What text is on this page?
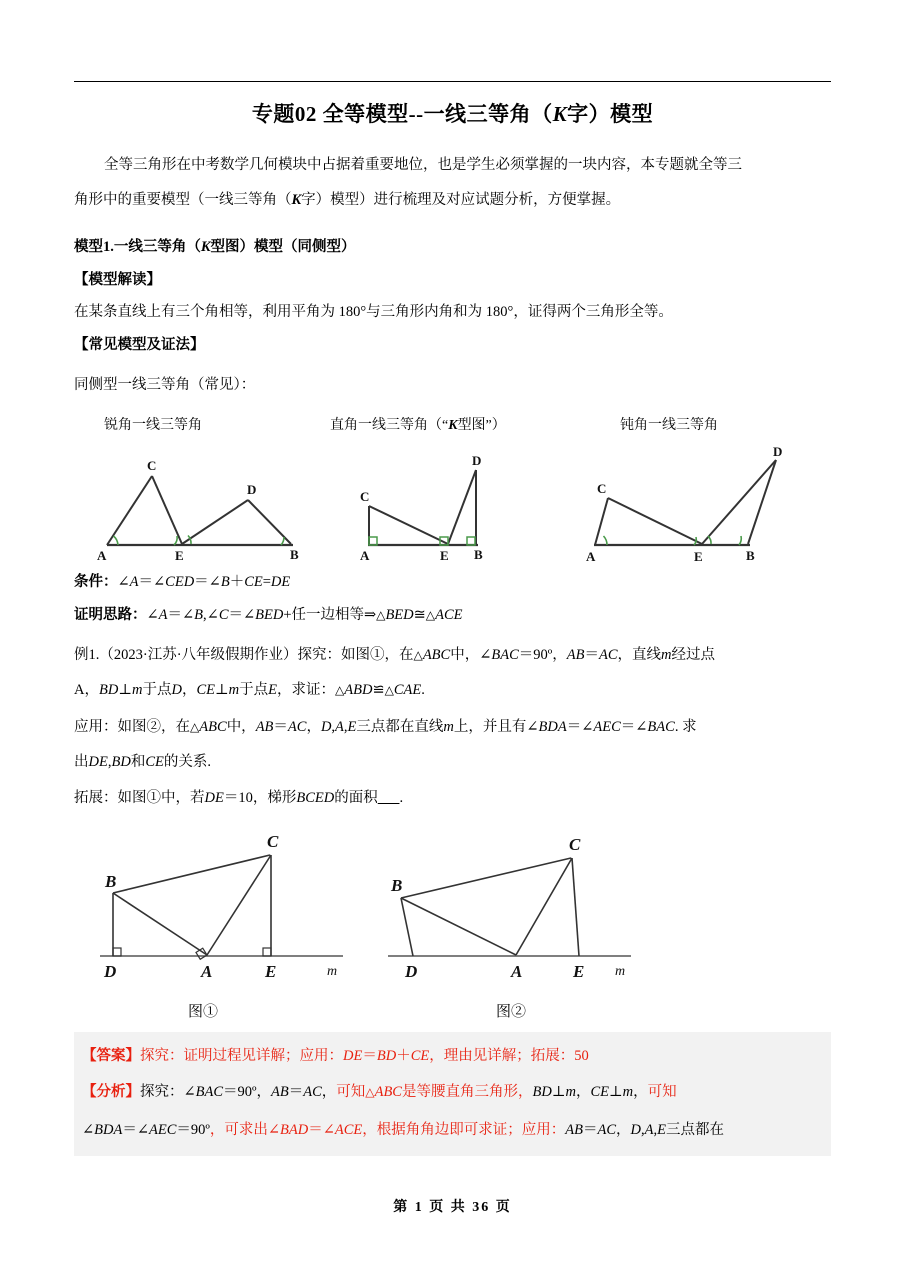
专题02 全等模型--一线三等角（K字）模型
全等三角形在中考数学几何模块中占据着重要地位，也是学生必须掌握的一块内容，本专题就全等三
角形中的重要模型（一线三等角（K字）模型）进行梳理及对应试题分析，方便掌握。
模型1.一线三等角（K型图）模型（同侧型）
【模型解读】
在某条直线上有三个角相等，利用平角为 180°与三角形内角和为 180°，证得两个三角形全等。
【常见模型及证法】
同侧型一线三等角（常见）：
锐角一线三等角	直角一线三等角（“K型图”）	钝角一线三等角
C
D
A	E	B
C
D
A	E B
C
D
A	E	B
条件：∠A＝∠CED＝∠B＋CE=DE
证明思路：∠A＝∠B,∠C＝∠BED+任一边相等⇒△BED≅△ACE
例1.（2023·江苏·八年级假期作业）探究：如图①，在△ABC中，∠BAC＝90º，AB＝AC，直线m经过点
A，BD⊥m于点D，CE⊥m于点E，求证：△ABD≌△CAE.
应用：如图②，在△ABC中，AB＝AC，D,A,E三点都在直线m上，并且有∠BDA＝∠AEC＝∠BAC. 求
出DE,BD和CE的关系.
拓展：如图①中，若DE＝10，梯形BCED的面积 .
D	A	E	m
B
C
图①
D	A	E m
B
C
图②
【答案】探究：证明过程见详解；应用：DE＝BD＋CE，理由见详解；拓展：50
【分析】探究：∠BAC＝90º，AB＝AC，可知△ABC是等腰直角三角形，BD⊥m，CE⊥m，可知
∠BDA＝∠AEC＝90º，可求出∠BAD＝∠ACE，根据角角边即可求证；应用：AB＝AC，D,A,E三点都在
第 1 页 共 36 页
